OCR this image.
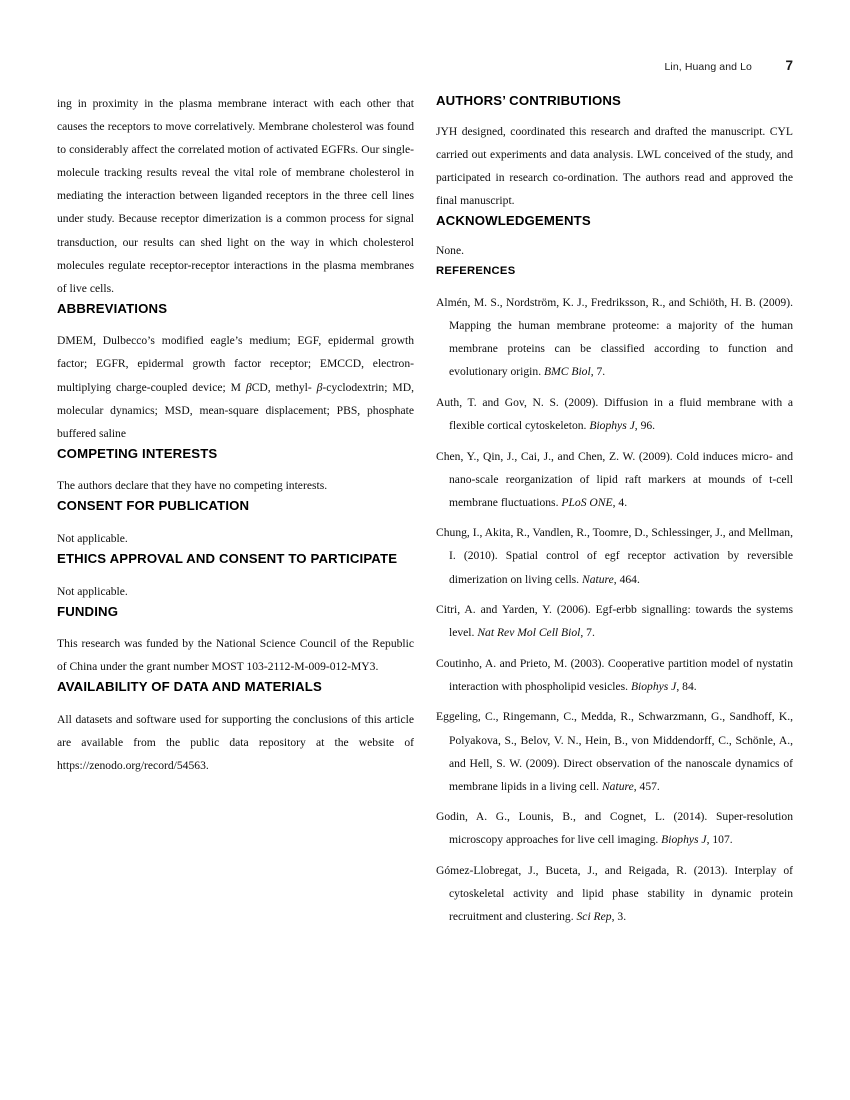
Lin, Huang and Lo 7

ing in proximity in the plasma membrane interact with each other that causes the receptors to move correlatively. Membrane cholesterol was found to considerably affect the correlated motion of activated EGFRs. Our single-molecule tracking results reveal the vital role of membrane cholesterol in mediating the interaction between liganded receptors in the three cell lines under study. Because receptor dimerization is a common process for signal transduction, our results can shed light on the way in which cholesterol molecules regulate receptor-receptor interactions in the plasma membranes of live cells.

ABBREVIATIONS

DMEM, Dulbecco’s modified eagle’s medium; EGF, epidermal growth factor; EGFR, epidermal growth factor receptor; EMCCD, electron-multiplying charge-coupled device; M βCD, methyl- β-cyclodextrin; MD, molecular dynamics; MSD, mean-square displacement; PBS, phosphate buffered saline

COMPETING INTERESTS

The authors declare that they have no competing interests.

CONSENT FOR PUBLICATION

Not applicable.

ETHICS APPROVAL AND CONSENT TO PARTICIPATE

Not applicable.

FUNDING

This research was funded by the National Science Council of the Republic of China under the grant number MOST 103-2112-M-009-012-MY3.

AVAILABILITY OF DATA AND MATERIALS

All datasets and software used for supporting the conclusions of this article are available from the public data repository at the website of https://zenodo.org/record/54563.

AUTHORS’ CONTRIBUTIONS

JYH designed, coordinated this research and drafted the manuscript. CYL carried out experiments and data analysis. LWL conceived of the study, and participated in research co-ordination. The authors read and approved the final manuscript.

ACKNOWLEDGEMENTS

None.

REFERENCES
Almén, M. S., Nordström, K. J., Fredriksson, R., and Schiöth, H. B. (2009). Mapping the human membrane proteome: a majority of the human membrane proteins can be classified according to function and evolutionary origin. BMC Biol, 7.
Auth, T. and Gov, N. S. (2009). Diffusion in a fluid membrane with a flexible cortical cytoskeleton. Biophys J, 96.
Chen, Y., Qin, J., Cai, J., and Chen, Z. W. (2009). Cold induces micro- and nano-scale reorganization of lipid raft markers at mounds of t-cell membrane fluctuations. PLoS ONE, 4.
Chung, I., Akita, R., Vandlen, R., Toomre, D., Schlessinger, J., and Mellman, I. (2010). Spatial control of egf receptor activation by reversible dimerization on living cells. Nature, 464.
Citri, A. and Yarden, Y. (2006). Egf-erbb signalling: towards the systems level. Nat Rev Mol Cell Biol, 7.
Coutinho, A. and Prieto, M. (2003). Cooperative partition model of nystatin interaction with phospholipid vesicles. Biophys J, 84.
Eggeling, C., Ringemann, C., Medda, R., Schwarzmann, G., Sandhoff, K., Polyakova, S., Belov, V. N., Hein, B., von Middendorff, C., Schönle, A., and Hell, S. W. (2009). Direct observation of the nanoscale dynamics of membrane lipids in a living cell. Nature, 457.
Godin, A. G., Lounis, B., and Cognet, L. (2014). Super-resolution microscopy approaches for live cell imaging. Biophys J, 107.
Gómez-Llobregat, J., Buceta, J., and Reigada, R. (2013). Interplay of cytoskeletal activity and lipid phase stability in dynamic protein recruitment and clustering. Sci Rep, 3.
